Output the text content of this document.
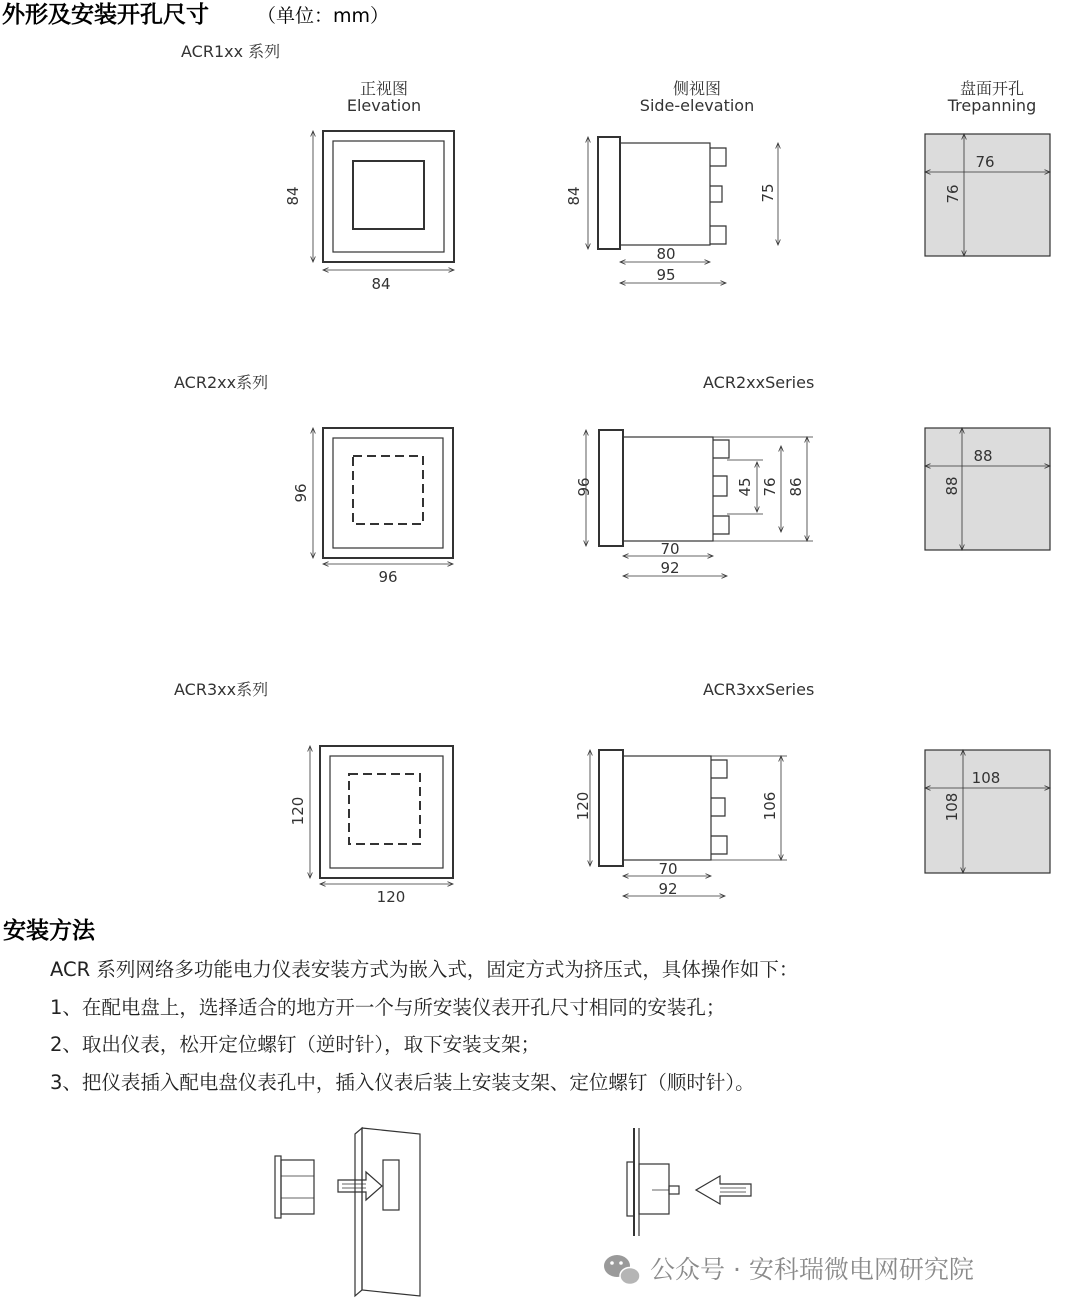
外形及安装开孔尺寸	（单位：mm）
ACR1xx 系列
正视图
Elevation
侧视图
Side-elevation
盘面开孔
Trepanning
84
84
84	75
80
95
76
76
ACR2xx系列	ACR2xxSeries
96
96
96	45 76 86
70
92
88
88
ACR3xx系列	ACR3xxSeries
120
120
120	106
70
92
108
108
安装方法
ACR 系列网络多功能电力仪表安装方式为嵌入式，固定方式为挤压式，具体操作如下：
1、在配电盘上，选择适合的地方开一个与所安装仪表开孔尺寸相同的安装孔；
2、取出仪表，松开定位螺钉（逆时针），取下安装支架；
3、把仪表插入配电盘仪表孔中，插入仪表后装上安装支架、定位螺钉（顺时针）。
公众号 · 安科瑞微电网研究院
